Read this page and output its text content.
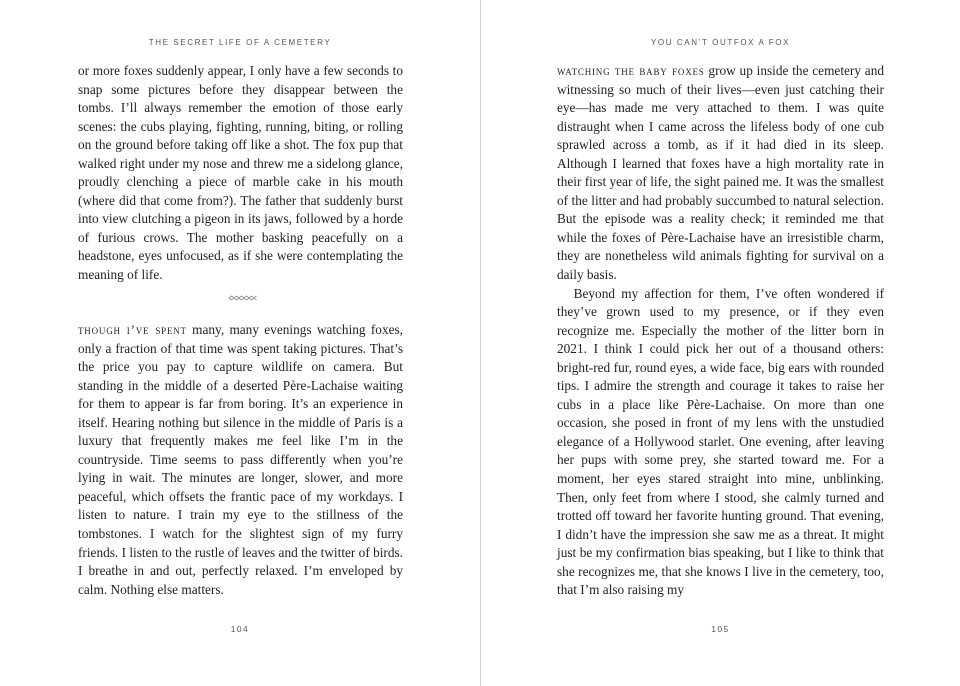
THE SECRET LIFE OF A CEMETERY

or more foxes suddenly appear, I only have a few seconds to snap some pictures before they disappear between the tombs. I’ll always remember the emotion of those early scenes: the cubs playing, fighting, running, biting, or rolling on the ground before taking off like a shot. The fox pup that walked right under my nose and threw me a sidelong glance, proudly clenching a piece of marble cake in his mouth (where did that come from?). The father that suddenly burst into view clutching a pigeon in its jaws, followed by a horde of furious crows. The mother basking peacefully on a headstone, eyes unfocused, as if she were contemplating the meaning of life.

though i’ve spent many, many evenings watching foxes, only a fraction of that time was spent taking pictures. That’s the price you pay to capture wildlife on camera. But standing in the middle of a deserted Père-Lachaise waiting for them to appear is far from boring. It’s an experience in itself. Hearing nothing but silence in the middle of Paris is a luxury that frequently makes me feel like I’m in the countryside. Time seems to pass differently when you’re lying in wait. The minutes are longer, slower, and more peaceful, which offsets the frantic pace of my workdays. I listen to nature. I train my eye to the stillness of the tombstones. I watch for the slightest sign of my furry friends. I listen to the rustle of leaves and the twitter of birds. I breathe in and out, perfectly relaxed. I’m enveloped by calm. Nothing else matters.

104
YOU CAN’T OUTFOX A FOX

watching the baby foxes grow up inside the cemetery and witnessing so much of their lives—even just catching their eye—has made me very attached to them. I was quite distraught when I came across the lifeless body of one cub sprawled across a tomb, as if it had died in its sleep. Although I learned that foxes have a high mortality rate in their first year of life, the sight pained me. It was the smallest of the litter and had probably succumbed to natural selection. But the episode was a reality check; it reminded me that while the foxes of Père-Lachaise have an irresistible charm, they are nonetheless wild animals fighting for survival on a daily basis.

Beyond my affection for them, I’ve often wondered if they’ve grown used to my presence, or if they even recognize me. Especially the mother of the litter born in 2021. I think I could pick her out of a thousand others: bright-red fur, round eyes, a wide face, big ears with rounded tips. I admire the strength and courage it takes to raise her cubs in a place like Père-Lachaise. On more than one occasion, she posed in front of my lens with the unstudied elegance of a Hollywood starlet. One evening, after leaving her pups with some prey, she started toward me. For a moment, her eyes stared straight into mine, unblinking. Then, only feet from where I stood, she calmly turned and trotted off toward her favorite hunting ground. That evening, I didn’t have the impression she saw me as a threat. It might just be my confirmation bias speaking, but I like to think that she recognizes me, that she knows I live in the cemetery, too, that I’m also raising my

105
